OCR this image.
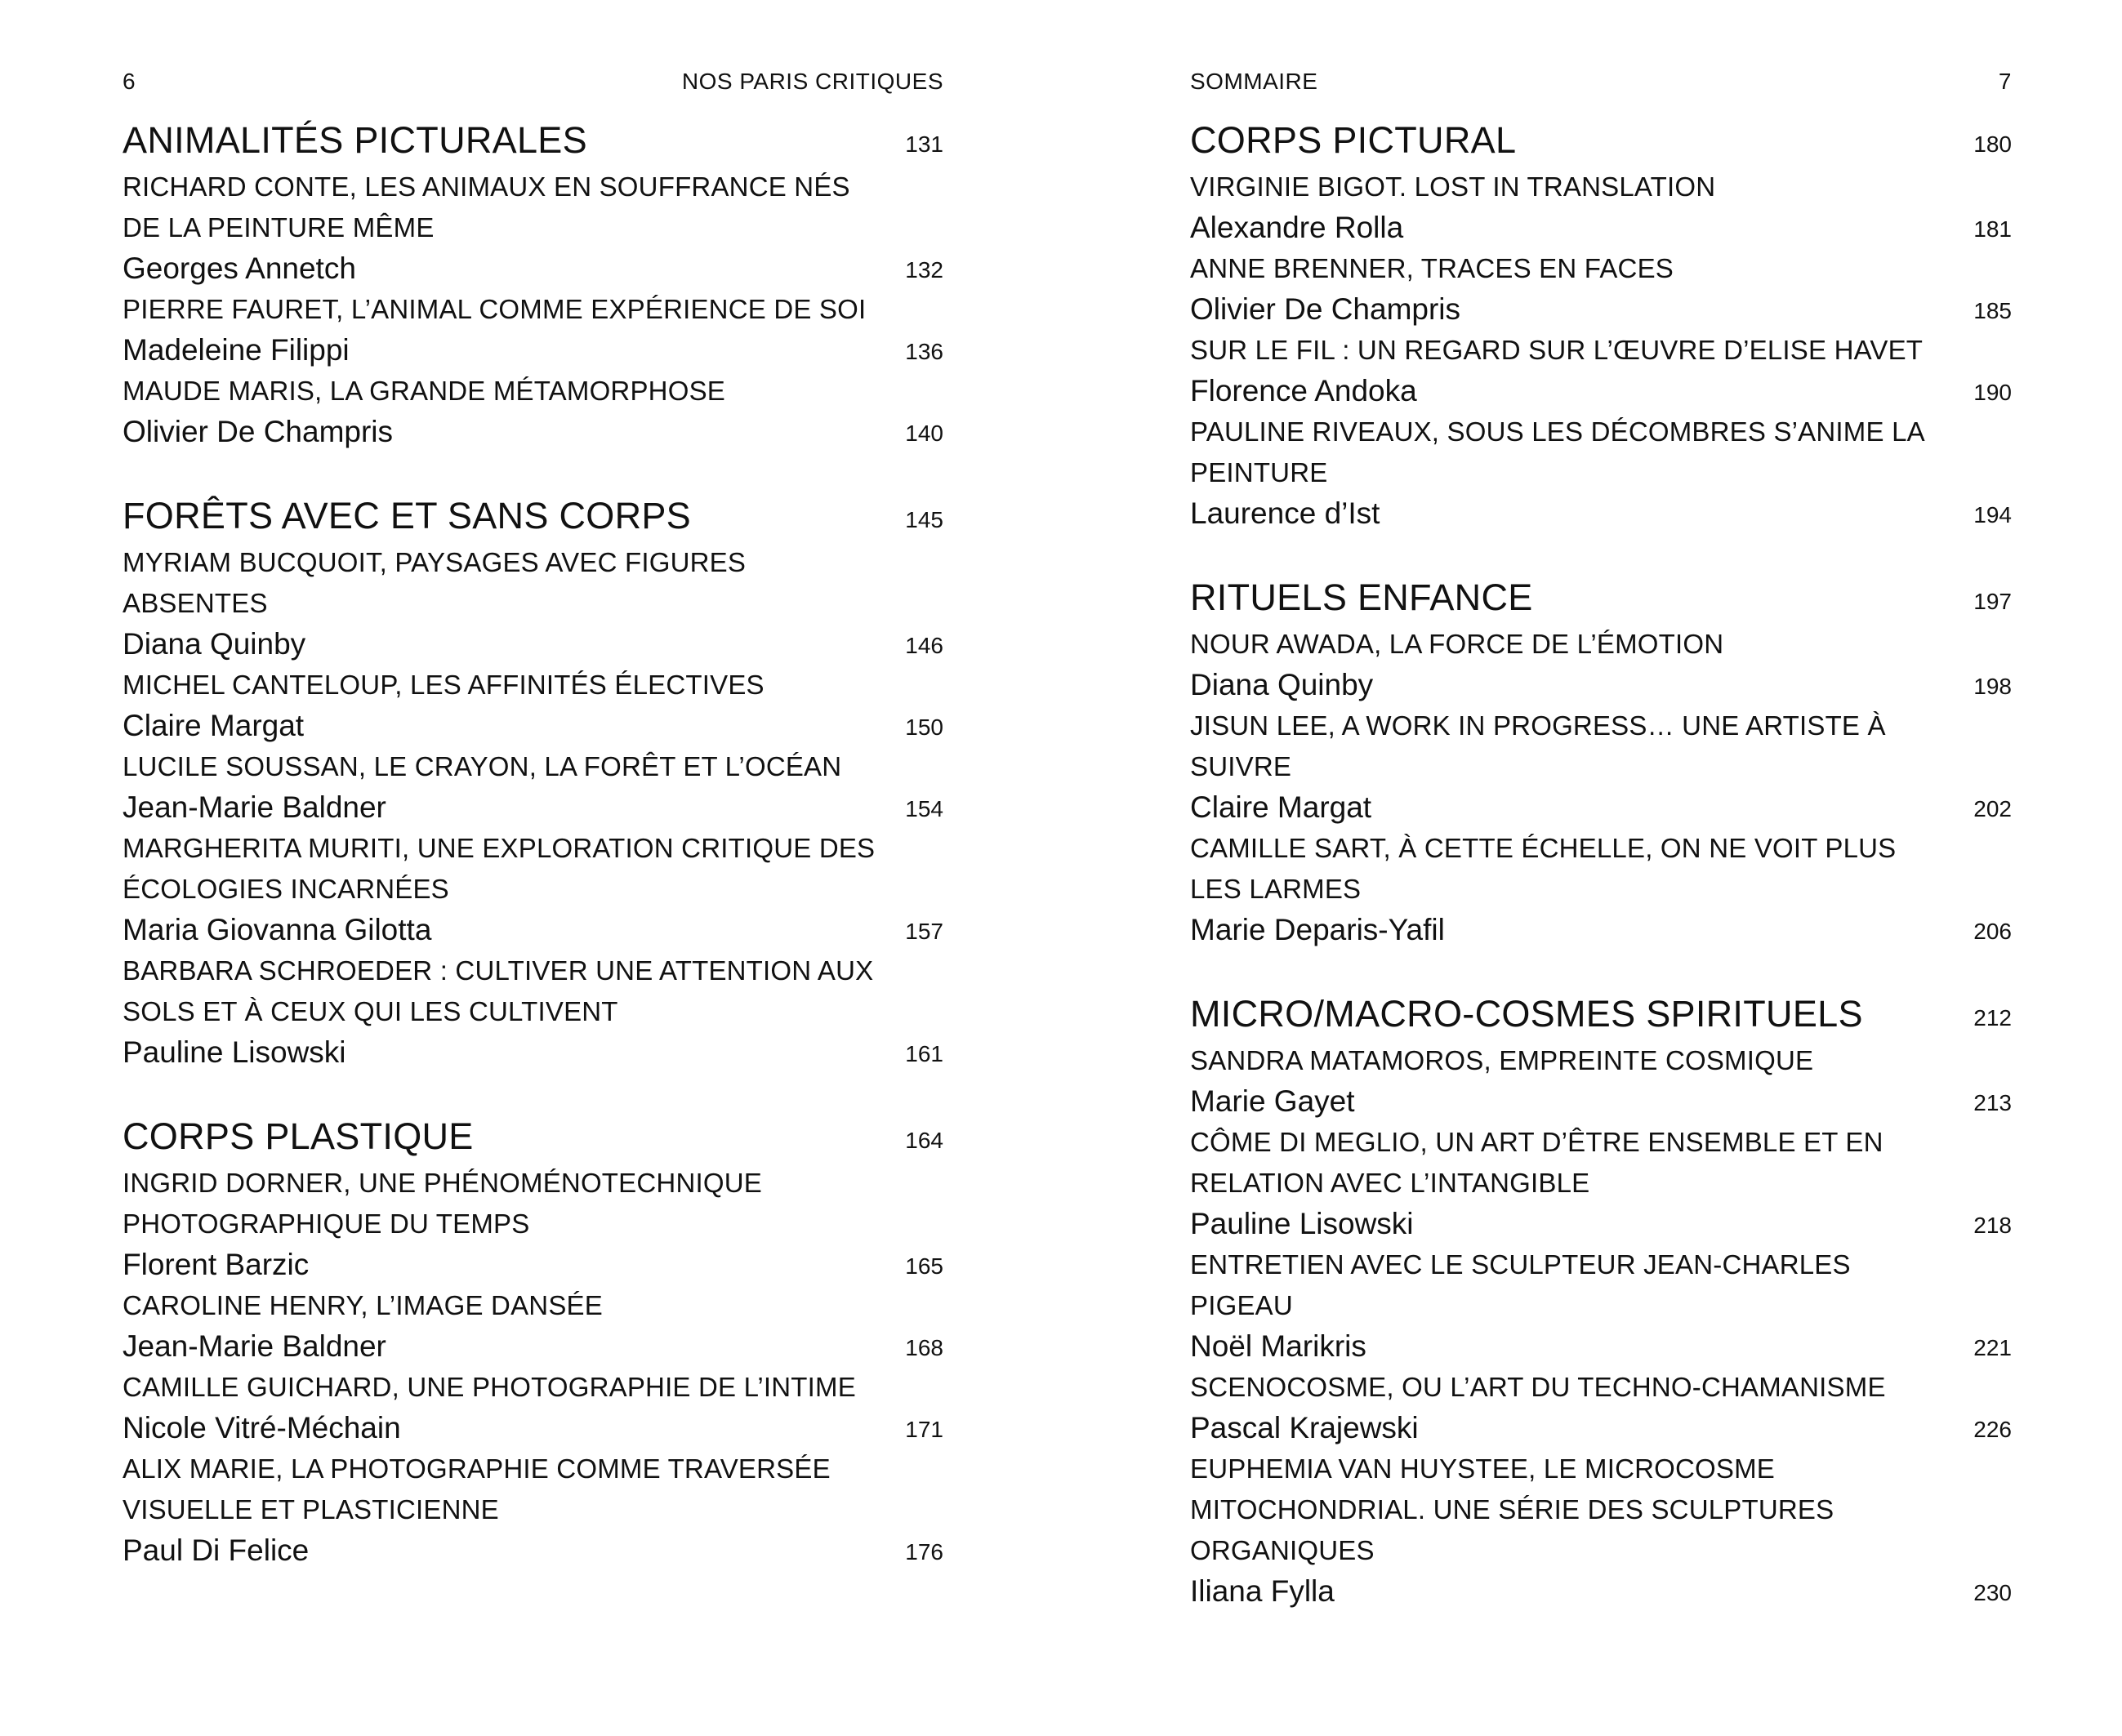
6	NOS PARIS CRITIQUES
ANIMALITÉS PICTURALES	131
RICHARD CONTE, LES ANIMAUX EN SOUFFRANCE NÉS DE LA PEINTURE MÊME
Georges Annetch	132
PIERRE FAURET, L’ANIMAL COMME EXPÉRIENCE DE SOI
Madeleine Filippi	136
MAUDE MARIS, LA GRANDE MÉTAMORPHOSE
Olivier De Champris	140
FORÊTS AVEC ET SANS CORPS	145
MYRIAM BUCQUOIT, PAYSAGES AVEC FIGURES ABSENTES
Diana Quinby	146
MICHEL CANTELOUP, LES AFFINITÉS ÉLECTIVES
Claire Margat	150
LUCILE SOUSSAN, LE CRAYON, LA FORÊT ET L’OCÉAN
Jean-Marie Baldner	154
MARGHERITA MURITI, UNE EXPLORATION CRITIQUE DES ÉCOLOGIES INCARNÉES
Maria Giovanna Gilotta	157
BARBARA SCHROEDER : CULTIVER UNE ATTENTION AUX SOLS ET À CEUX QUI LES CULTIVENT
Pauline Lisowski	161
CORPS PLASTIQUE	164
INGRID DORNER, UNE PHÉNOMÉNOTECHNIQUE PHOTOGRAPHIQUE DU TEMPS
Florent Barzic	165
CAROLINE HENRY, L’IMAGE DANSÉE
Jean-Marie Baldner	168
CAMILLE GUICHARD, UNE PHOTOGRAPHIE DE L’INTIME
Nicole Vitré-Méchain	171
ALIX MARIE, LA PHOTOGRAPHIE COMME TRAVERSÉE VISUELLE ET PLASTICIENNE
Paul Di Felice	176
SOMMAIRE	7
CORPS PICTURAL	180
VIRGINIE BIGOT. LOST IN TRANSLATION
Alexandre Rolla	181
ANNE BRENNER, TRACES EN FACES
Olivier De Champris	185
SUR LE FIL : UN REGARD SUR L’ŒUVRE D’ELISE HAVET
Florence Andoka	190
PAULINE RIVEAUX, SOUS LES DÉCOMBRES S’ANIME LA PEINTURE
Laurence d’Ist	194
RITUELS ENFANCE	197
NOUR AWADA, LA FORCE DE L’ÉMOTION
Diana Quinby	198
JISUN LEE, A WORK IN PROGRESS… UNE ARTISTE À SUIVRE
Claire Margat	202
CAMILLE SART, À CETTE ÉCHELLE, ON NE VOIT PLUS LES LARMES
Marie Deparis-Yafil	206
MICRO/MACRO-COSMES SPIRITUELS	212
SANDRA MATAMOROS, EMPREINTE COSMIQUE
Marie Gayet	213
CÔME DI MEGLIO, UN ART D’ÊTRE ENSEMBLE ET EN RELATION AVEC L’INTANGIBLE
Pauline Lisowski	218
ENTRETIEN AVEC LE SCULPTEUR JEAN-CHARLES PIGEAU
Noël Marikris	221
SCENOCOSME, OU L’ART DU TECHNO-CHAMANISME
Pascal Krajewski	226
EUPHEMIA VAN HUYSTEE, LE MICROCOSME MITOCHONDRIAL. UNE SÉRIE DES SCULPTURES ORGANIQUES
Iliana Fylla	230
